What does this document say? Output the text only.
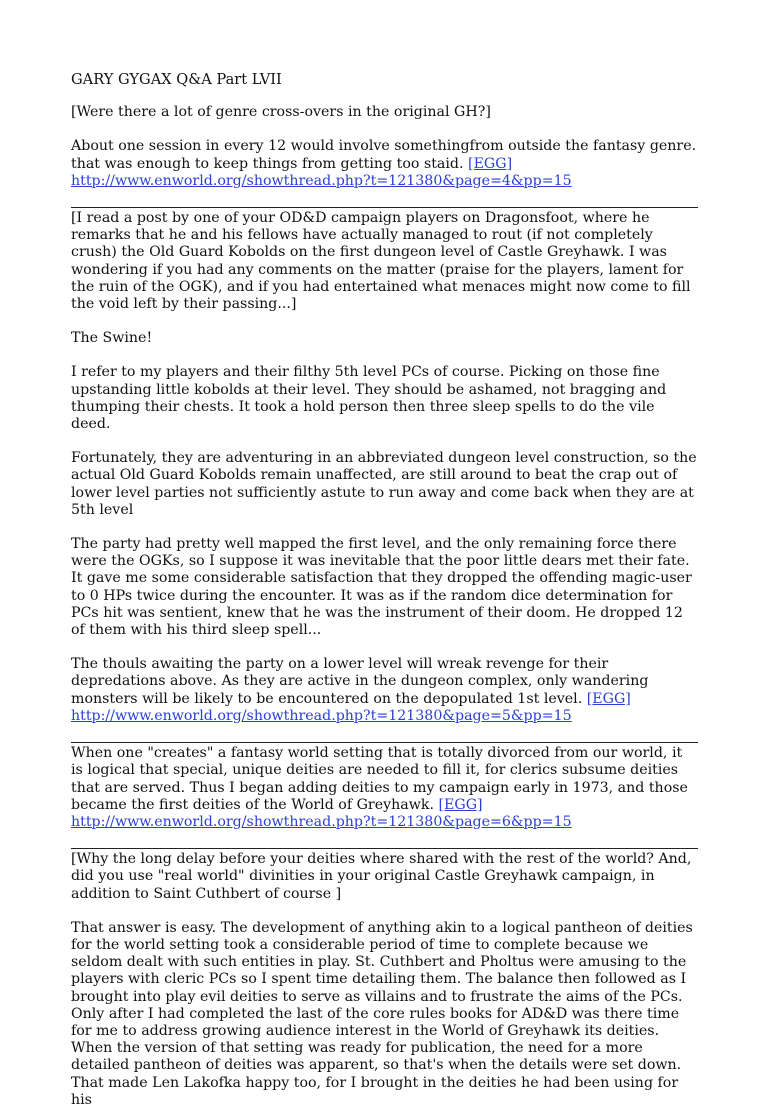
GARY GYGAX Q&A Part LVII

[Were there a lot of genre cross-overs in the original GH?]

About one session in every 12 would involve somethingfrom outside the fantasy genre. that was enough to keep things from getting too staid. [EGG] http://www.enworld.org/showthread.php?t=121380&page=4&pp=15

[I read a post by one of your OD&D campaign players on Dragonsfoot, where he remarks that he and his fellows have actually managed to rout (if not completely crush) the Old Guard Kobolds on the first dungeon level of Castle Greyhawk. I was wondering if you had any comments on the matter (praise for the players, lament for the ruin of the OGK), and if you had entertained what menaces might now come to fill the void left by their passing...]

The Swine!

I refer to my players and their filthy 5th level PCs of course. Picking on those fine upstanding little kobolds at their level. They should be ashamed, not bragging and thumping their chests. It took a hold person then three sleep spells to do the vile deed.

Fortunately, they are adventuring in an abbreviated dungeon level construction, so the actual Old Guard Kobolds remain unaffected, are still around to beat the crap out of lower level parties not sufficiently astute to run away and come back when they are at 5th level

The party had pretty well mapped the first level, and the only remaining force there were the OGKs, so I suppose it was inevitable that the poor little dears met their fate. It gave me some considerable satisfaction that they dropped the offending magic-user to 0 HPs twice during the encounter. It was as if the random dice determination for PCs hit was sentient, knew that he was the instrument of their doom. He dropped 12 of them with his third sleep spell...

The thouls awaiting the party on a lower level will wreak revenge for their depredations above. As they are active in the dungeon complex, only wandering monsters will be likely to be encountered on the depopulated 1st level. [EGG] http://www.enworld.org/showthread.php?t=121380&page=5&pp=15

When one "creates" a fantasy world setting that is totally divorced from our world, it is logical that special, unique deities are needed to fill it, for clerics subsume deities that are served. Thus I began adding deities to my campaign early in 1973, and those became the first deities of the World of Greyhawk. [EGG] http://www.enworld.org/showthread.php?t=121380&page=6&pp=15

[Why the long delay before your deities where shared with the rest of the world? And, did you use "real world" divinities in your original Castle Greyhawk campaign, in addition to Saint Cuthbert of course ]

That answer is easy. The development of anything akin to a logical pantheon of deities for the world setting took a considerable period of time to complete because we seldom dealt with such entities in play. St. Cuthbert and Pholtus were amusing to the players with cleric PCs so I spent time detailing them. The balance then followed as I brought into play evil deities to serve as villains and to frustrate the aims of the PCs. Only after I had completed the last of the core rules books for AD&D was there time for me to address growing audience interest in the World of Greyhawk its deities. When the version of that setting was ready for publication, the need for a more detailed pantheon of deities was apparent, so that's when the details were set down. That made Len Lakofka happy too, for I brought in the deities he had been using for his
